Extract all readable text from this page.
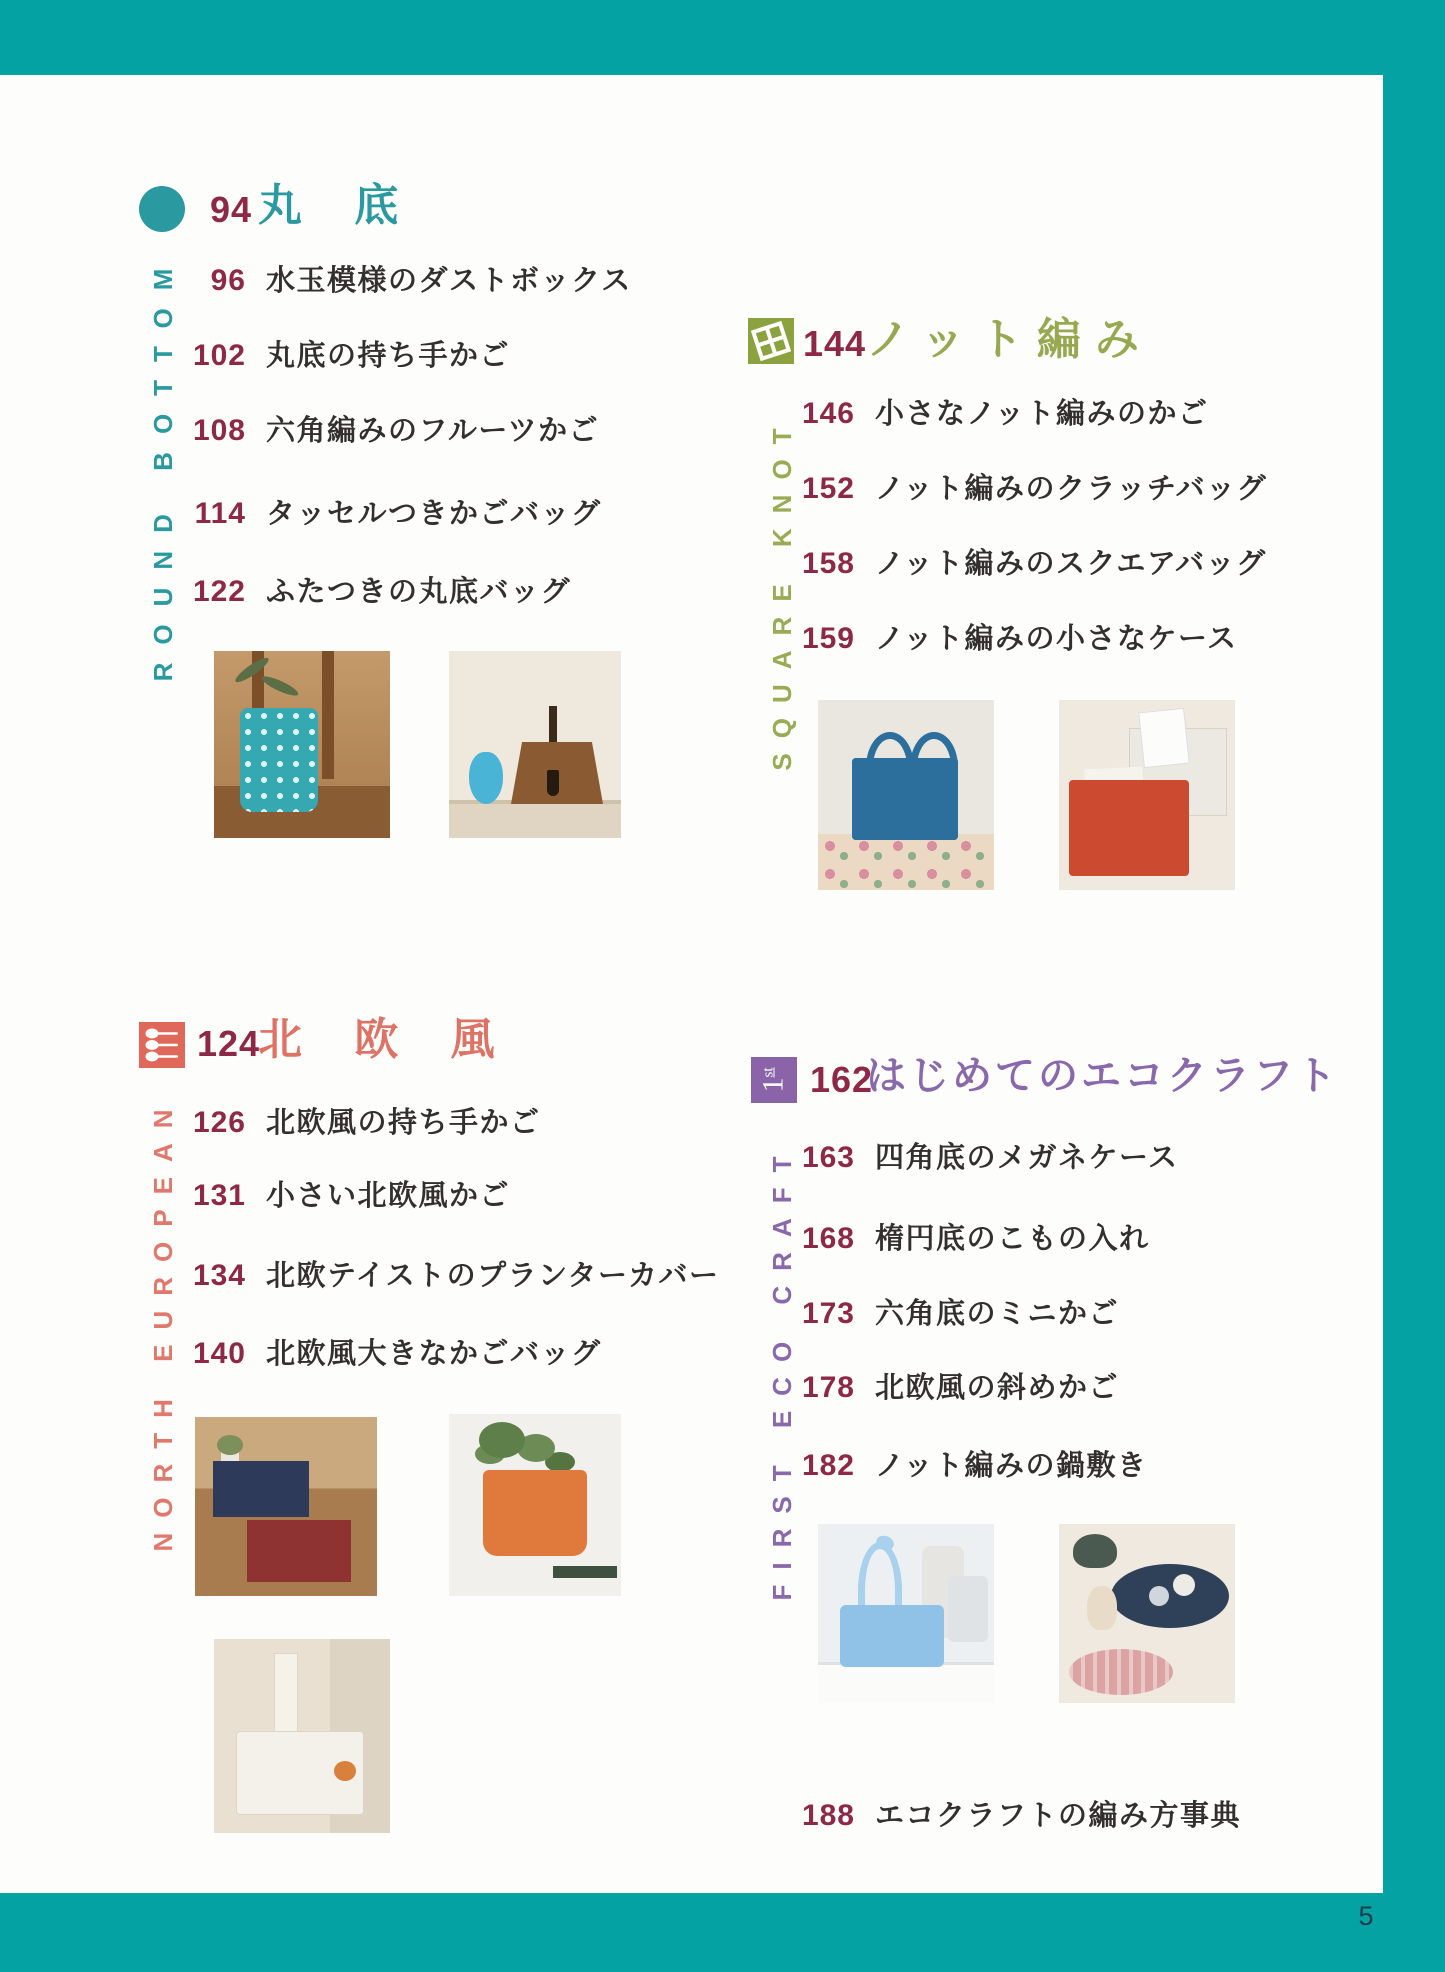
5
94 丸 底
ROUND BOTTOM	96 水玉模様のダストボックス
102 丸底の持ち手かご
108 六角編みのフルーツかご
114 タッセルつきかごバッグ
122 ふたつきの丸底バッグ
144 ノット編み
SQUARE KNOT 146 小さなノット編みのかご
152 ノット編みのクラッチバッグ
158 ノット編みのスクエアバッグ
159 ノット編みの小さなケース
124
北 欧 風
NORTH EUROPEAN 126 北欧風の持ち手かご
131 小さい北欧風かご
134 北欧テイストのプランターカバー
140 北欧風大きなかごバッグ
1st 162
はじめてのエコクラフト
FIRST ECO CRAFT 163 四角底のメガネケース
168 楕円底のこもの入れ
173 六角底のミニかご
178 北欧風の斜めかご
182 ノット編みの鍋敷き
188 エコクラフトの編み方事典
